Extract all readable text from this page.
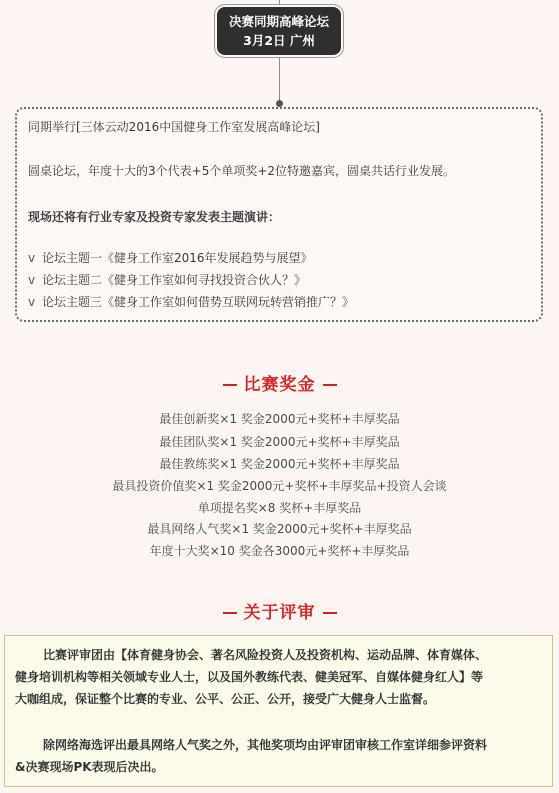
决赛同期高峰论坛
3月2日 广州
同期举行[三体云动2016中国健身工作室发展高峰论坛]
圆桌论坛，年度十大的3个代表+5个单项奖+2位特邀嘉宾，圆桌共话行业发展。
现场还将有行业专家及投资专家发表主题演讲：
v 论坛主题一《健身工作室2016年发展趋势与展望》
v 论坛主题二《健身工作室如何寻找投资合伙人？》
v 论坛主题三《健身工作室如何借势互联网玩转营销推广？》
比赛奖金
最佳创新奖×1 奖金2000元+奖杯+丰厚奖品
最佳团队奖×1 奖金2000元+奖杯+丰厚奖品
最佳教练奖×1 奖金2000元+奖杯+丰厚奖品
最具投资价值奖×1 奖金2000元+奖杯+丰厚奖品+投资人会谈
单项提名奖×8 奖杯+丰厚奖品
最具网络人气奖×1 奖金2000元+奖杯+丰厚奖品
年度十大奖×10 奖金各3000元+奖杯+丰厚奖品
关于评审
比赛评审团由【体育健身协会、著名风险投资人及投资机构、运动品牌、体育媒体、
健身培训机构等相关领域专业人士，以及国外教练代表、健美冠军、自媒体健身红人】等
大咖组成，保证整个比赛的专业、公平、公正、公开，接受广大健身人士监督。
除网络海选评出最具网络人气奖之外，其他奖项均由评审团审核工作室详细参评资料
&决赛现场PK表现后决出。
